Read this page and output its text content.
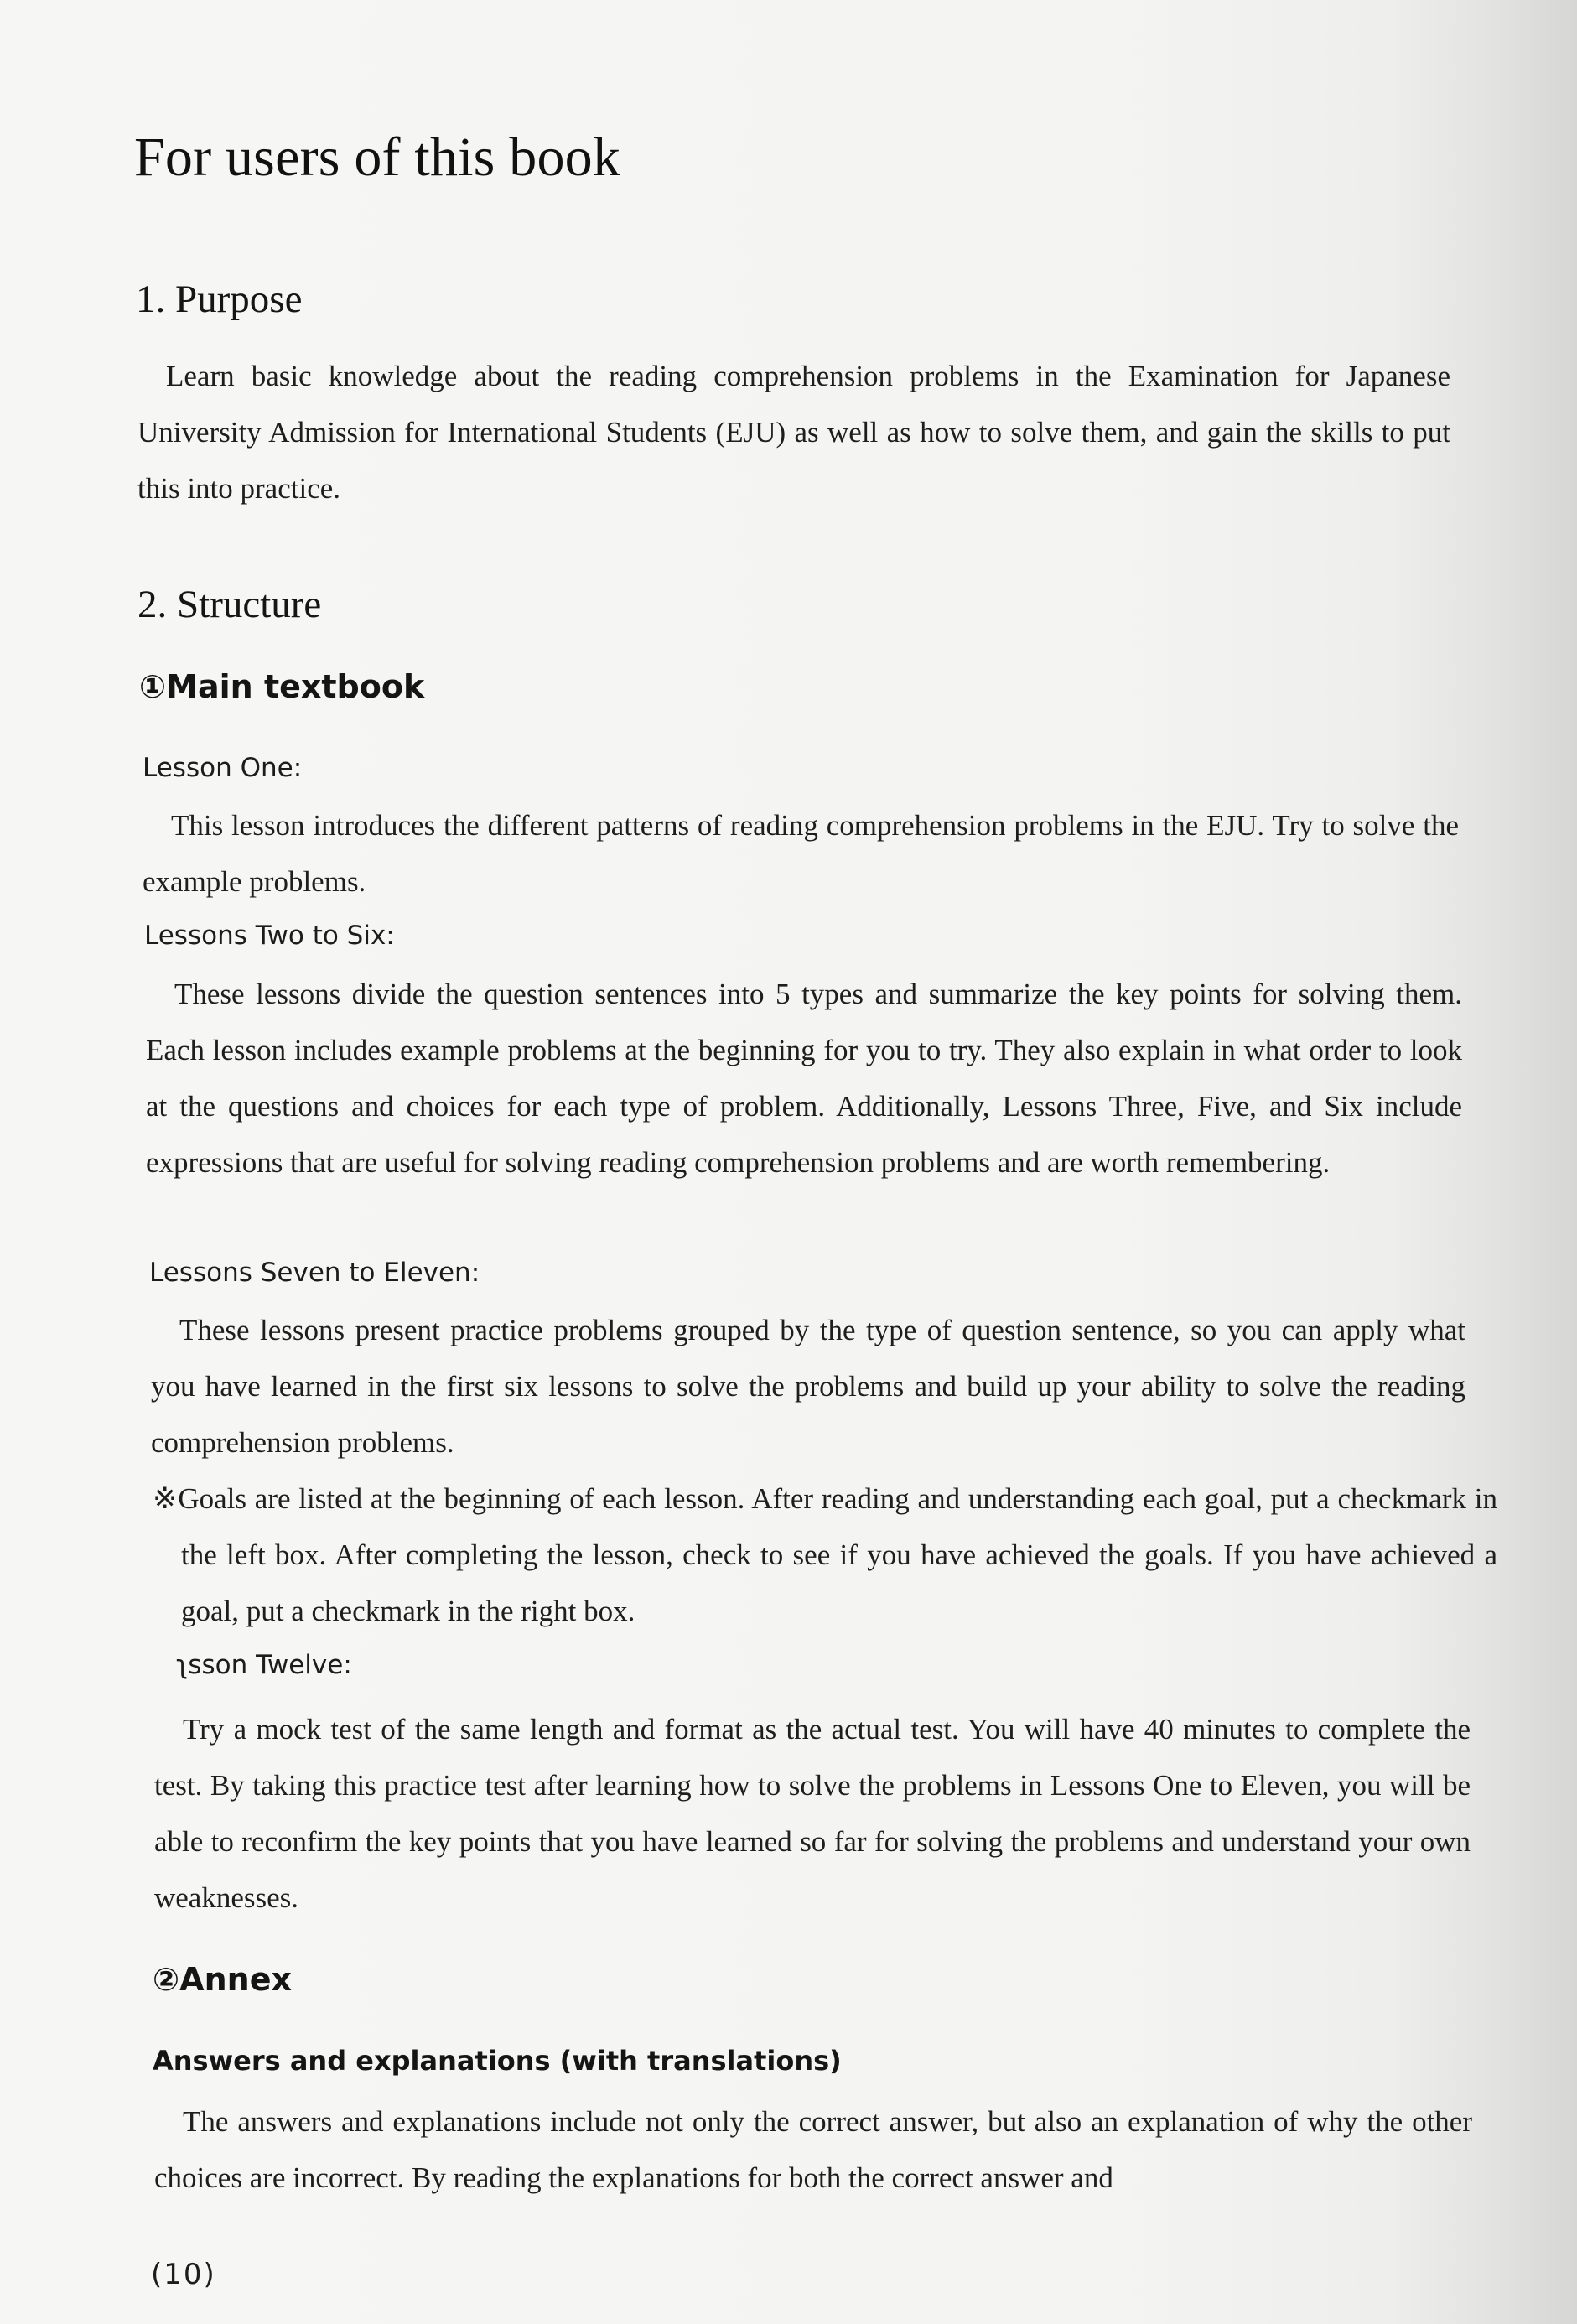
For users of this book
1. Purpose

Learn basic knowledge about the reading comprehension problems in the Examination for Japanese University Admission for International Students (EJU) as well as how to solve them, and gain the skills to put this into practice.

2. Structure
①Main textbook
Lesson One:

This lesson introduces the different patterns of reading comprehension problems in the EJU. Try to solve the example problems.

Lessons Two to Six:

These lessons divide the question sentences into 5 types and summarize the key points for solving them. Each lesson includes example problems at the beginning for you to try. They also explain in what order to look at the questions and choices for each type of problem. Additionally, Lessons Three, Five, and Six include expressions that are useful for solving reading comprehension problems and are worth remembering.

Lessons Seven to Eleven:

These lessons present practice problems grouped by the type of question sentence, so you can apply what you have learned in the first six lessons to solve the problems and build up your ability to solve the reading comprehension problems.

※Goals are listed at the beginning of each lesson. After reading and understanding each goal, put a checkmark in the left box. After completing the lesson, check to see if you have achieved the goals. If you have achieved a goal, put a checkmark in the right box.

ʅsson Twelve:

Try a mock test of the same length and format as the actual test. You will have 40 minutes to complete the test. By taking this practice test after learning how to solve the problems in Lessons One to Eleven, you will be able to reconfirm the key points that you have learned so far for solving the problems and understand your own weaknesses.

②Annex
Answers and explanations (with translations)

The answers and explanations include not only the correct answer, but also an explanation of why the other choices are incorrect. By reading the explanations for both the correct answer and

(10)
